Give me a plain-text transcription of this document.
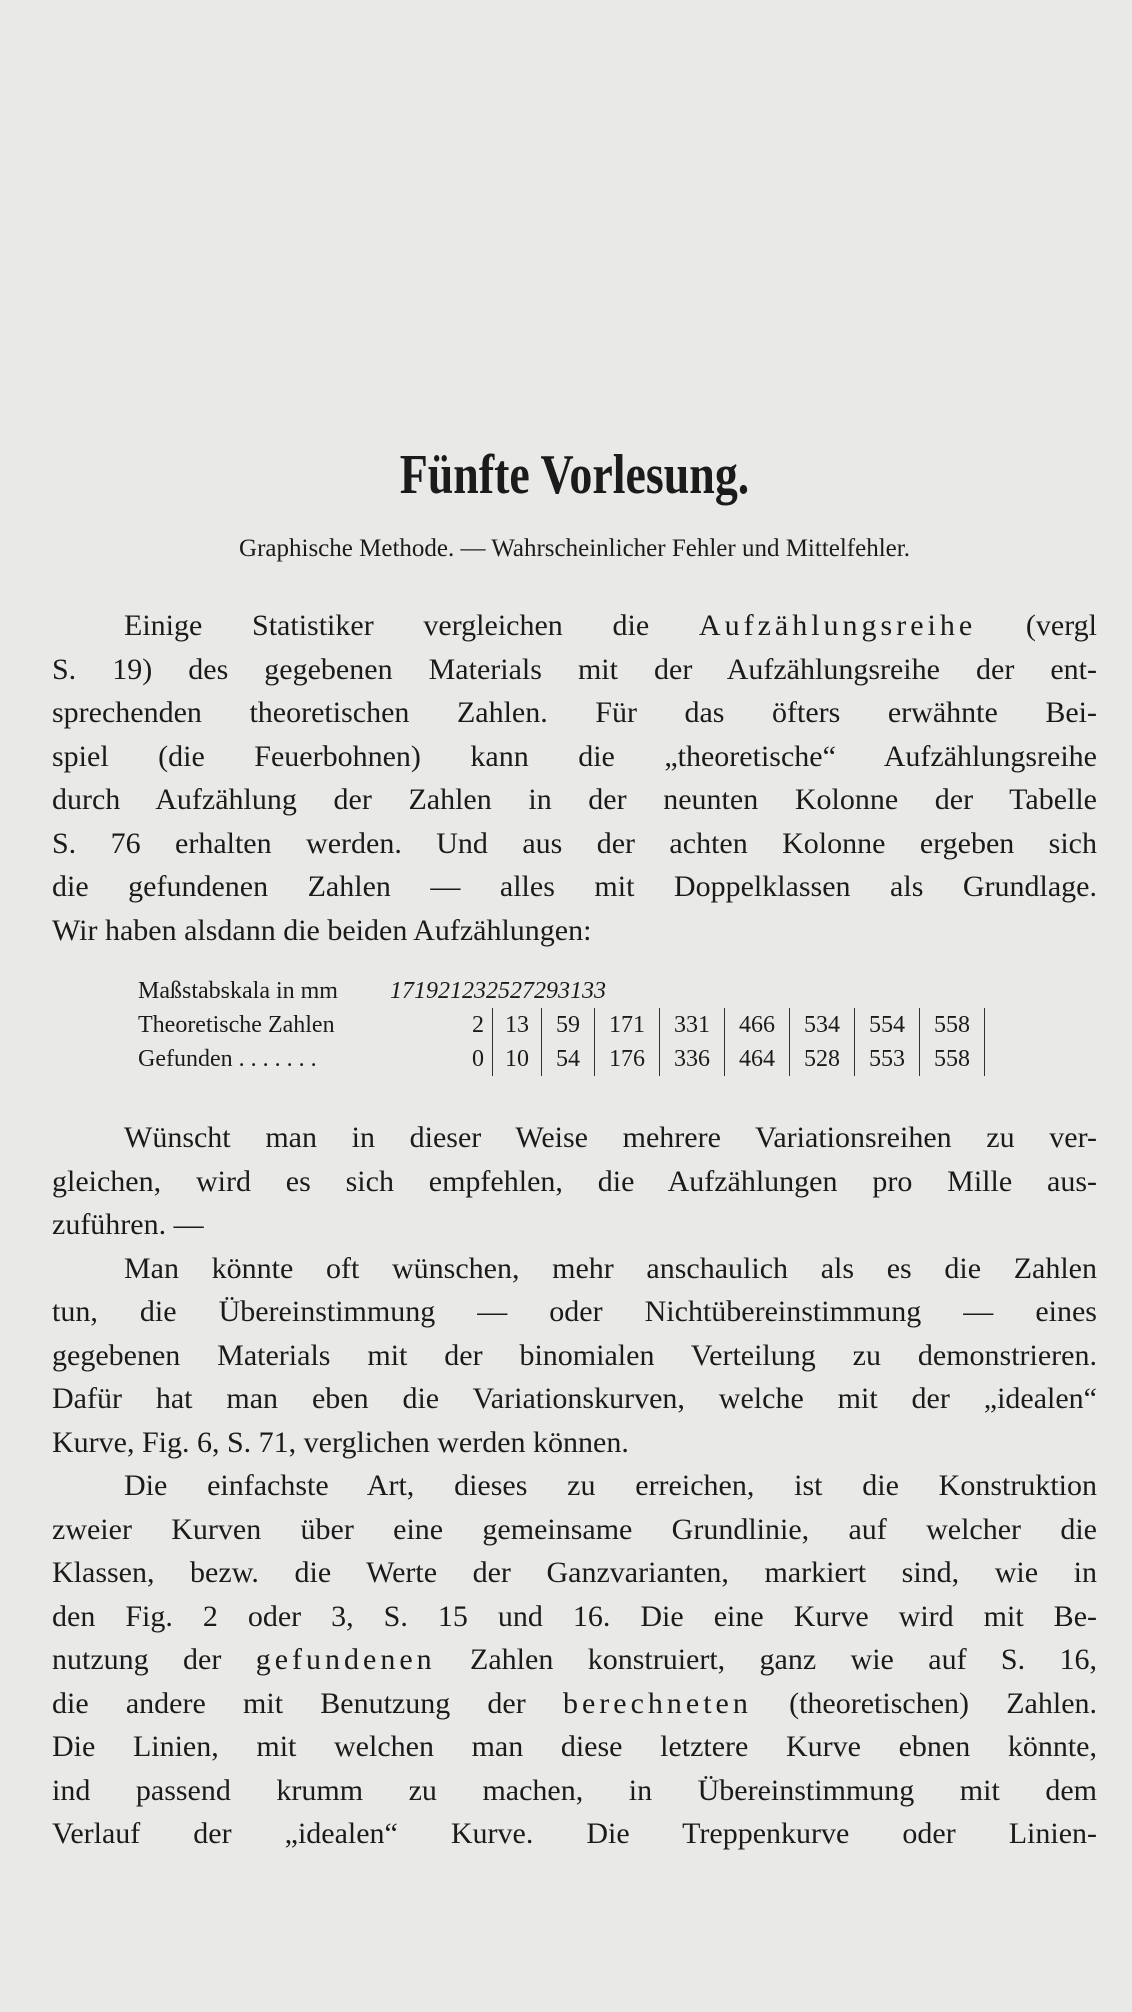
Fünfte Vorlesung.
Graphische Methode. — Wahrscheinlicher Fehler und Mittelfehler.

Einige Statistiker vergleichen die Aufzählungsreihe (vergl
S. 19) des gegebenen Materials mit der Aufzählungsreihe der ent-
sprechenden theoretischen Zahlen. Für das öfters erwähnte Bei-
spiel (die Feuerbohnen) kann die „theoretische“ Aufzählungsreihe
durch Aufzählung der Zahlen in der neunten Kolonne der Tabelle
S. 76 erhalten werden. Und aus der achten Kolonne ergeben sich
die gefundenen Zahlen — alles mit Doppelklassen als Grundlage.
Wir haben alsdann die beiden Aufzählungen:

Maßstabskala in mm	17	19	21	23	25	27	29	31	33
Theoretische Zahlen	2	13	59	171	331	466	534	554	558
Gefunden . . . . . . .	0	10	54	176	336	464	528	553	558

Wünscht man in dieser Weise mehrere Variationsreihen zu ver-
gleichen, wird es sich empfehlen, die Aufzählungen pro Mille aus-
zuführen. —

Man könnte oft wünschen, mehr anschaulich als es die Zahlen
tun, die Übereinstimmung — oder Nichtübereinstimmung — eines
gegebenen Materials mit der binomialen Verteilung zu demonstrieren.
Dafür hat man eben die Variationskurven, welche mit der „idealen“
Kurve, Fig. 6, S. 71, verglichen werden können.

Die einfachste Art, dieses zu erreichen, ist die Konstruktion
zweier Kurven über eine gemeinsame Grundlinie, auf welcher die
Klassen, bezw. die Werte der Ganzvarianten, markiert sind, wie in
den Fig. 2 oder 3, S. 15 und 16. Die eine Kurve wird mit Be-
nutzung der gefundenen Zahlen konstruiert, ganz wie auf S. 16,
die andere mit Benutzung der berechneten (theoretischen) Zahlen.
Die Linien, mit welchen man diese letztere Kurve ebnen könnte,
ind passend krumm zu machen, in Übereinstimmung mit dem
Verlauf der „idealen“ Kurve. Die Treppenkurve oder Linien-
